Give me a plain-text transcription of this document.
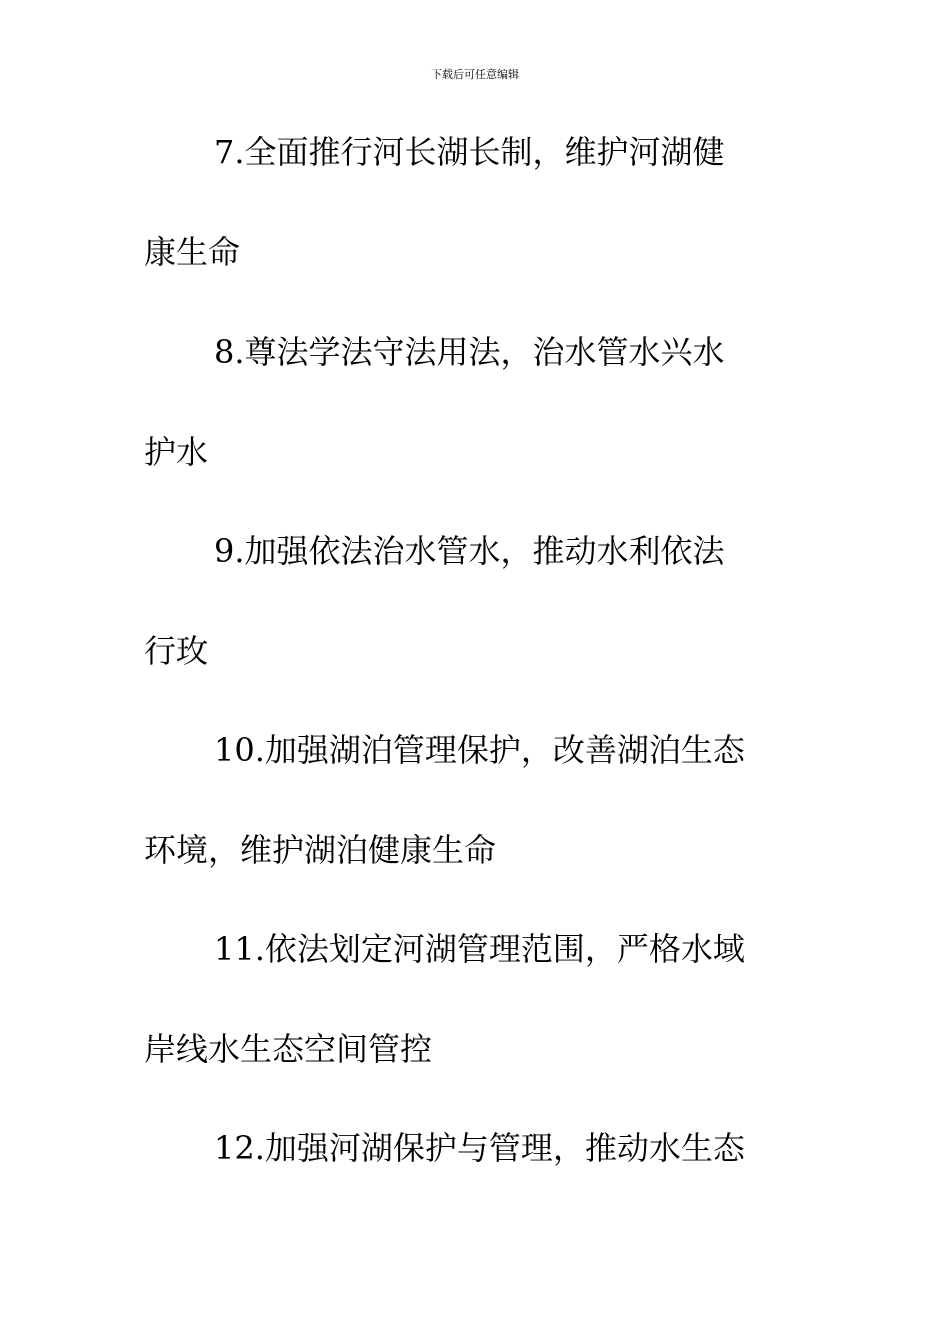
下载后可任意编辑
7.全面推行河长湖长制，维护河湖健
康生命
8.尊法学法守法用法，治水管水兴水
护水
9.加强依法治水管水，推动水利依法
行玫
10.加强湖泊管理保护，改善湖泊生态
环境，维护湖泊健康生命
11.依法划定河湖管理范围，严格水域
岸线水生态空间管控
12.加强河湖保护与管理，推动水生态
